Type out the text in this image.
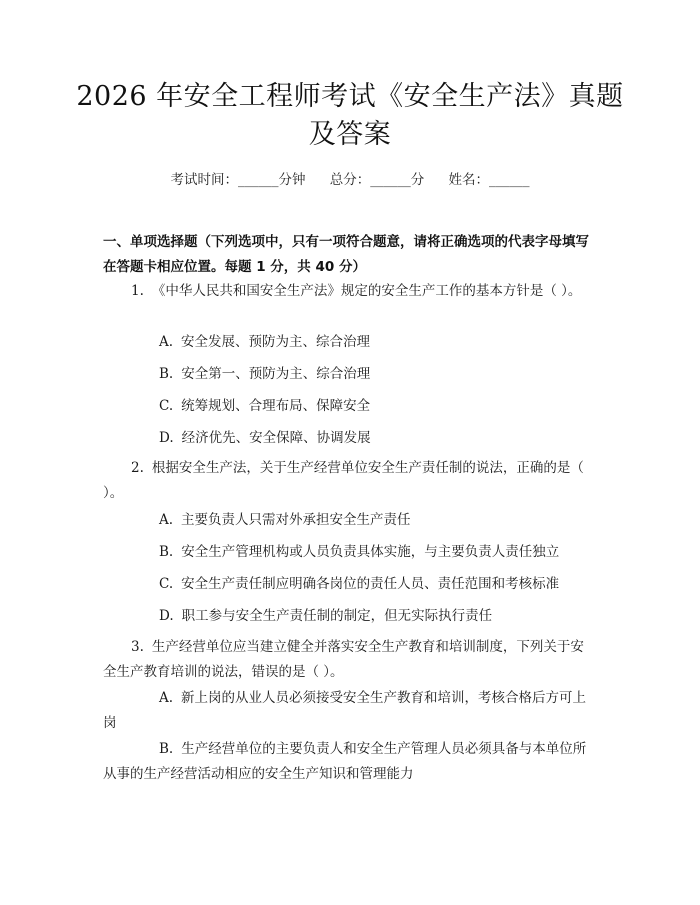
2026 年安全工程师考试《安全生产法》真题
及答案
考试时间：______分钟 总分：______分 姓名：______
一、单项选择题（下列选项中，只有一项符合题意，请将正确选项的代表字母填写在答题卡相应位置。每题 1 分，共 40 分）
1. 《中华人民共和国安全生产法》规定的安全生产工作的基本方针是（ ）。
A. 安全发展、预防为主、综合治理
B. 安全第一、预防为主、综合治理
C. 统筹规划、合理布局、保障安全
D. 经济优先、安全保障、协调发展
2. 根据安全生产法，关于生产经营单位安全生产责任制的说法，正确的是（ ）。
A. 主要负责人只需对外承担安全生产责任
B. 安全生产管理机构或人员负责具体实施，与主要负责人责任独立
C. 安全生产责任制应明确各岗位的责任人员、责任范围和考核标准
D. 职工参与安全生产责任制的制定，但无实际执行责任
3. 生产经营单位应当建立健全并落实安全生产教育和培训制度，下列关于安全生产教育培训的说法，错误的是（ ）。
A. 新上岗的从业人员必须接受安全生产教育和培训，考核合格后方可上岗
B. 生产经营单位的主要负责人和安全生产管理人员必须具备与本单位所从事的生产经营活动相应的安全生产知识和管理能力
